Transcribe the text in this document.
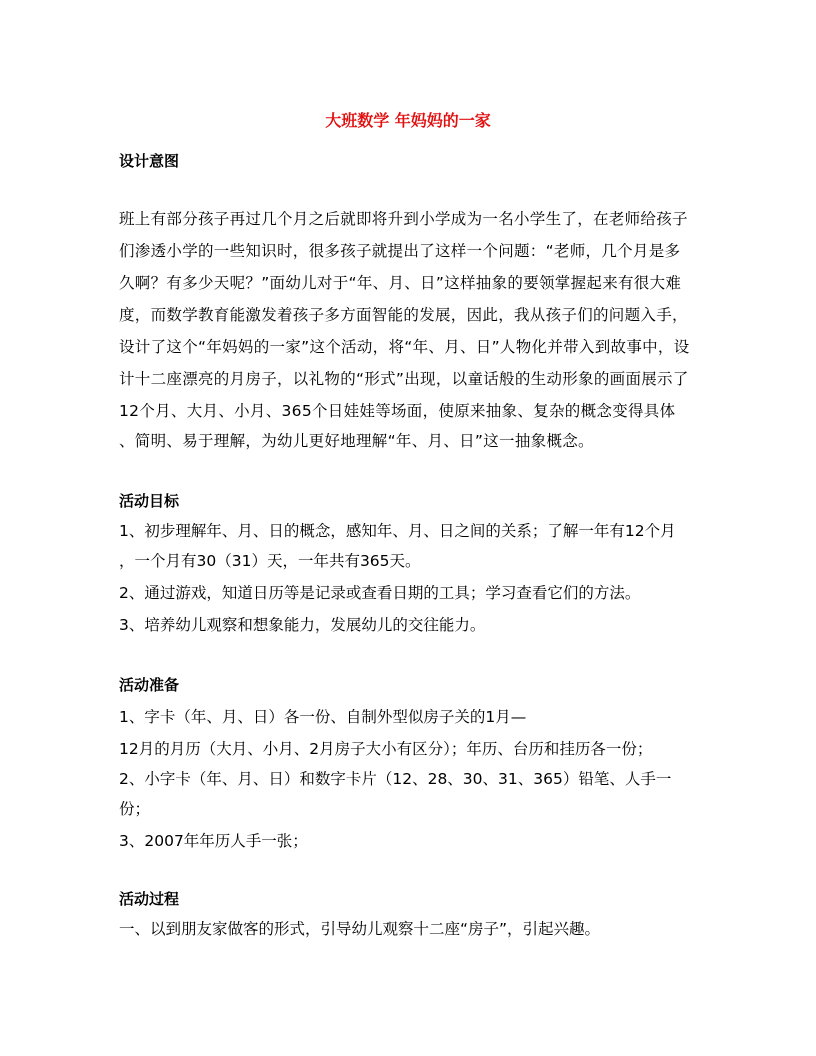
大班数学 年妈妈的一家
设计意图
班上有部分孩子再过几个月之后就即将升到小学成为一名小学生了，在老师给孩子
们渗透小学的一些知识时，很多孩子就提出了这样一个问题：“老师，几个月是多
久啊？有多少天呢？”面幼儿对于“年、月、日”这样抽象的要领掌握起来有很大难
度，而数学教育能激发着孩子多方面智能的发展，因此，我从孩子们的问题入手，
设计了这个“年妈妈的一家”这个活动，将“年、月、日”人物化并带入到故事中，设
计十二座漂亮的月房子，以礼物的“形式”出现，以童话般的生动形象的画面展示了
12个月、大月、小月、365个日娃娃等场面，使原来抽象、复杂的概念变得具体
、简明、易于理解，为幼儿更好地理解“年、月、日”这一抽象概念。
活动目标
1、初步理解年、月、日的概念，感知年、月、日之间的关系；了解一年有12个月
，一个月有30（31）天，一年共有365天。
2、通过游戏，知道日历等是记录或查看日期的工具；学习查看它们的方法。
3、培养幼儿观察和想象能力，发展幼儿的交往能力。
活动准备
1、字卡（年、月、日）各一份、自制外型似房子关的1月—
12月的月历（大月、小月、2月房子大小有区分）；年历、台历和挂历各一份；
2、小字卡（年、月、日）和数字卡片（12、28、30、31、365）铅笔、人手一
份；
3、2007年年历人手一张；
活动过程
一、以到朋友家做客的形式，引导幼儿观察十二座“房子”，引起兴趣。
